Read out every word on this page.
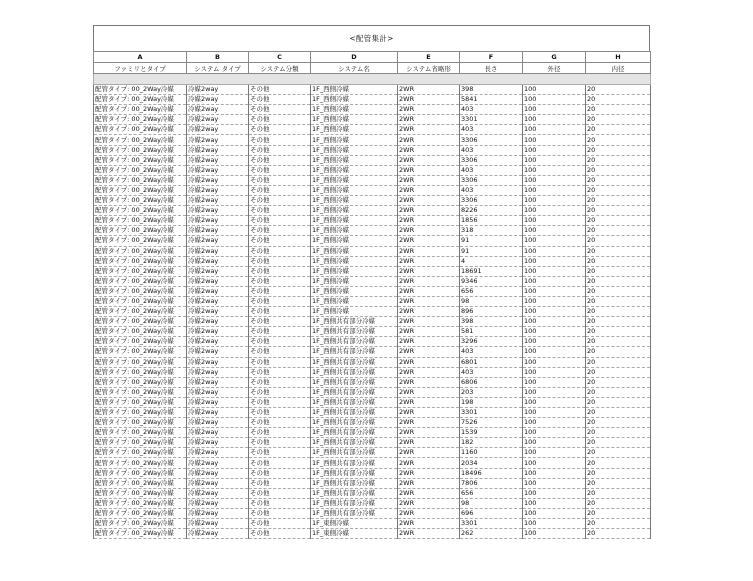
<配管集計>
A	B	C	D	E	F	G	H
ファミリとタイプ	システム タイプ	システム分類	システム名	システム省略形	長さ	外径	内径

配管タイプ: 00_2Way冷媒	冷媒2way	その他	1F_西側冷媒	2WR	398	100	20
配管タイプ: 00_2Way冷媒	冷媒2way	その他	1F_西側冷媒	2WR	5841	100	20
配管タイプ: 00_2Way冷媒	冷媒2way	その他	1F_西側冷媒	2WR	403	100	20
配管タイプ: 00_2Way冷媒	冷媒2way	その他	1F_西側冷媒	2WR	3301	100	20
配管タイプ: 00_2Way冷媒	冷媒2way	その他	1F_西側冷媒	2WR	403	100	20
配管タイプ: 00_2Way冷媒	冷媒2way	その他	1F_西側冷媒	2WR	3306	100	20
配管タイプ: 00_2Way冷媒	冷媒2way	その他	1F_西側冷媒	2WR	403	100	20
配管タイプ: 00_2Way冷媒	冷媒2way	その他	1F_西側冷媒	2WR	3306	100	20
配管タイプ: 00_2Way冷媒	冷媒2way	その他	1F_西側冷媒	2WR	403	100	20
配管タイプ: 00_2Way冷媒	冷媒2way	その他	1F_西側冷媒	2WR	3306	100	20
配管タイプ: 00_2Way冷媒	冷媒2way	その他	1F_西側冷媒	2WR	403	100	20
配管タイプ: 00_2Way冷媒	冷媒2way	その他	1F_西側冷媒	2WR	3306	100	20
配管タイプ: 00_2Way冷媒	冷媒2way	その他	1F_西側冷媒	2WR	8226	100	20
配管タイプ: 00_2Way冷媒	冷媒2way	その他	1F_西側冷媒	2WR	1856	100	20
配管タイプ: 00_2Way冷媒	冷媒2way	その他	1F_西側冷媒	2WR	318	100	20
配管タイプ: 00_2Way冷媒	冷媒2way	その他	1F_西側冷媒	2WR	91	100	20
配管タイプ: 00_2Way冷媒	冷媒2way	その他	1F_西側冷媒	2WR	91	100	20
配管タイプ: 00_2Way冷媒	冷媒2way	その他	1F_西側冷媒	2WR	4	100	20
配管タイプ: 00_2Way冷媒	冷媒2way	その他	1F_西側冷媒	2WR	18691	100	20
配管タイプ: 00_2Way冷媒	冷媒2way	その他	1F_西側冷媒	2WR	9346	100	20
配管タイプ: 00_2Way冷媒	冷媒2way	その他	1F_西側冷媒	2WR	656	100	20
配管タイプ: 00_2Way冷媒	冷媒2way	その他	1F_西側冷媒	2WR	98	100	20
配管タイプ: 00_2Way冷媒	冷媒2way	その他	1F_西側冷媒	2WR	896	100	20
配管タイプ: 00_2Way冷媒	冷媒2way	その他	1F_西側共有部分冷媒	2WR	398	100	20
配管タイプ: 00_2Way冷媒	冷媒2way	その他	1F_西側共有部分冷媒	2WR	581	100	20
配管タイプ: 00_2Way冷媒	冷媒2way	その他	1F_西側共有部分冷媒	2WR	3296	100	20
配管タイプ: 00_2Way冷媒	冷媒2way	その他	1F_西側共有部分冷媒	2WR	403	100	20
配管タイプ: 00_2Way冷媒	冷媒2way	その他	1F_西側共有部分冷媒	2WR	6801	100	20
配管タイプ: 00_2Way冷媒	冷媒2way	その他	1F_西側共有部分冷媒	2WR	403	100	20
配管タイプ: 00_2Way冷媒	冷媒2way	その他	1F_西側共有部分冷媒	2WR	6806	100	20
配管タイプ: 00_2Way冷媒	冷媒2way	その他	1F_西側共有部分冷媒	2WR	203	100	20
配管タイプ: 00_2Way冷媒	冷媒2way	その他	1F_西側共有部分冷媒	2WR	198	100	20
配管タイプ: 00_2Way冷媒	冷媒2way	その他	1F_西側共有部分冷媒	2WR	3301	100	20
配管タイプ: 00_2Way冷媒	冷媒2way	その他	1F_西側共有部分冷媒	2WR	7526	100	20
配管タイプ: 00_2Way冷媒	冷媒2way	その他	1F_西側共有部分冷媒	2WR	1539	100	20
配管タイプ: 00_2Way冷媒	冷媒2way	その他	1F_西側共有部分冷媒	2WR	182	100	20
配管タイプ: 00_2Way冷媒	冷媒2way	その他	1F_西側共有部分冷媒	2WR	1160	100	20
配管タイプ: 00_2Way冷媒	冷媒2way	その他	1F_西側共有部分冷媒	2WR	2034	100	20
配管タイプ: 00_2Way冷媒	冷媒2way	その他	1F_西側共有部分冷媒	2WR	18496	100	20
配管タイプ: 00_2Way冷媒	冷媒2way	その他	1F_西側共有部分冷媒	2WR	7806	100	20
配管タイプ: 00_2Way冷媒	冷媒2way	その他	1F_西側共有部分冷媒	2WR	656	100	20
配管タイプ: 00_2Way冷媒	冷媒2way	その他	1F_西側共有部分冷媒	2WR	98	100	20
配管タイプ: 00_2Way冷媒	冷媒2way	その他	1F_西側共有部分冷媒	2WR	696	100	20
配管タイプ: 00_2Way冷媒	冷媒2way	その他	1F_東側冷媒	2WR	3301	100	20
配管タイプ: 00_2Way冷媒	冷媒2way	その他	1F_東側冷媒	2WR	262	100	20
